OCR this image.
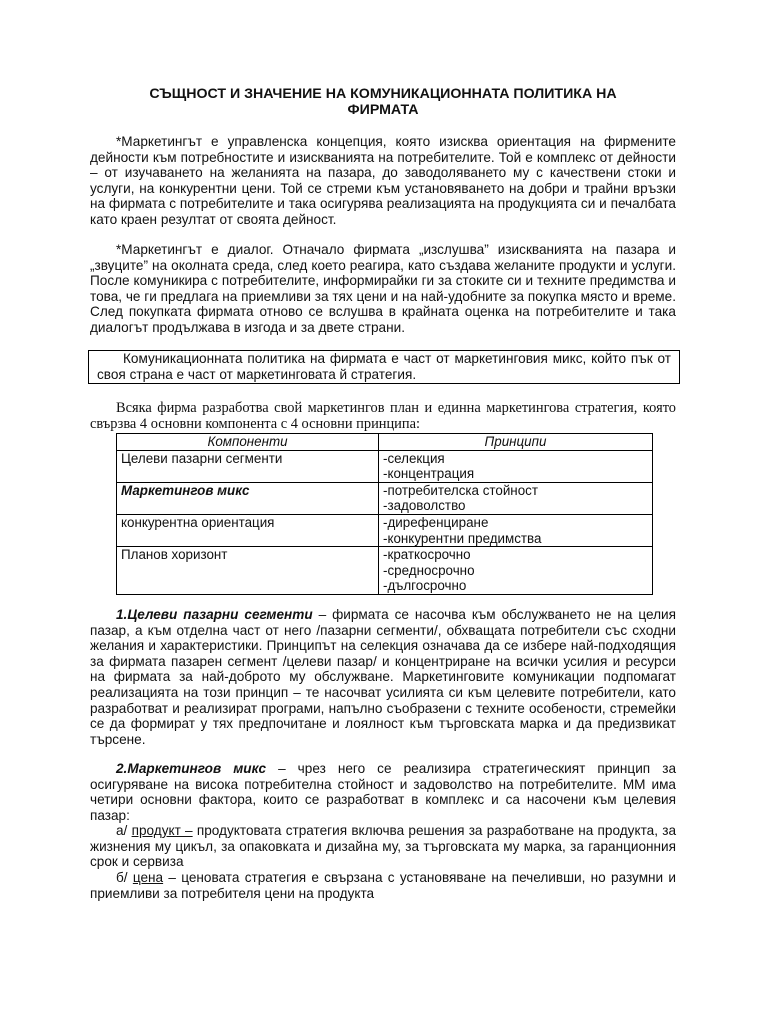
СЪЩНОСТ И ЗНАЧЕНИЕ НА КОМУНИКАЦИОННАТА ПОЛИТИКА НА
ФИРМАТА

*Маркетингът е управленска концепция, която изисква ориентация на фирмените дейности към потребностите и изискванията на потребителите. Той е комплекс от дейности – от изучаването на желанията на пазара, до заводоляването му с качествени стоки и услуги, на конкурентни цени. Той се стреми към установяването на добри и трайни връзки на фирмата с потребителите и така осигурява реализацията на продукцията си и печалбата като краен резултат от своята дейност.

*Маркетингът е диалог. Отначало фирмата „изслушва” изискванията на пазара и „звуците” на околната среда, след което реагира, като създава желаните продукти и услуги. После комуникира с потребителите, информирайки ги за стоките си и техните предимства и това, че ги предлага на приемливи за тях цени и на най-удобните за покупка място и време. След покупката фирмата отново се вслушва в крайната оценка на потребителите и така диалогът продължава в изгода и за двете страни.

Комуникационната политика на фирмата е част от маркетинговия микс, който пък от своя страна е част от маркетинговата й стратегия.

Всяка фирма разработва свой маркетингов план и единна маркетингова стратегия, която свързва 4 основни компонента с 4 основни принципа:

Компоненти	Принципи
Целеви пазарни сегменти	-селекция
-концентрация

Маркетингов микс	-потребителска стойност
-задоволство

конкурентна ориентация	-дирефенциране
-конкурентни предимства

Планов хоризонт	-краткосрочно
-средносрочно
-дългосрочно

1.Целеви пазарни сегменти – фирмата се насочва към обслужването не на целия пазар, а към отделна част от него /пазарни сегменти/, обхващата потребители със сходни желания и характеристики. Принципът на селекция означава да се избере най-подходящия за фирмата пазарен сегмент /целеви пазар/ и концентриране на всички усилия и ресурси на фирмата за най-доброто му обслужване. Маркетинговите комуникации подпомагат реализацията на този принцип – те насочват усилията си към целевите потребители, като разработват и реализират програми, напълно съобразени с техните особености, стремейки се да формират у тях предпочитане и лоялност към търговската марка и да предизвикат търсене.

2.Маркетингов микс – чрез него се реализира стратегическият принцип за осигуряване на висока потребителна стойност и задоволство на потребителите. ММ има четири основни фактора, които се разработват в комплекс и са насочени към целевия пазар:

а/ продукт – продуктовата стратегия включва решения за разработване на продукта, за жизнения му цикъл, за опаковката и дизайна му, за търговската му марка, за гаранционния срок и сервиза

б/ цена – ценовата стратегия е свързана с установяване на печеливши, но разумни и приемливи за потребителя цени на продукта
